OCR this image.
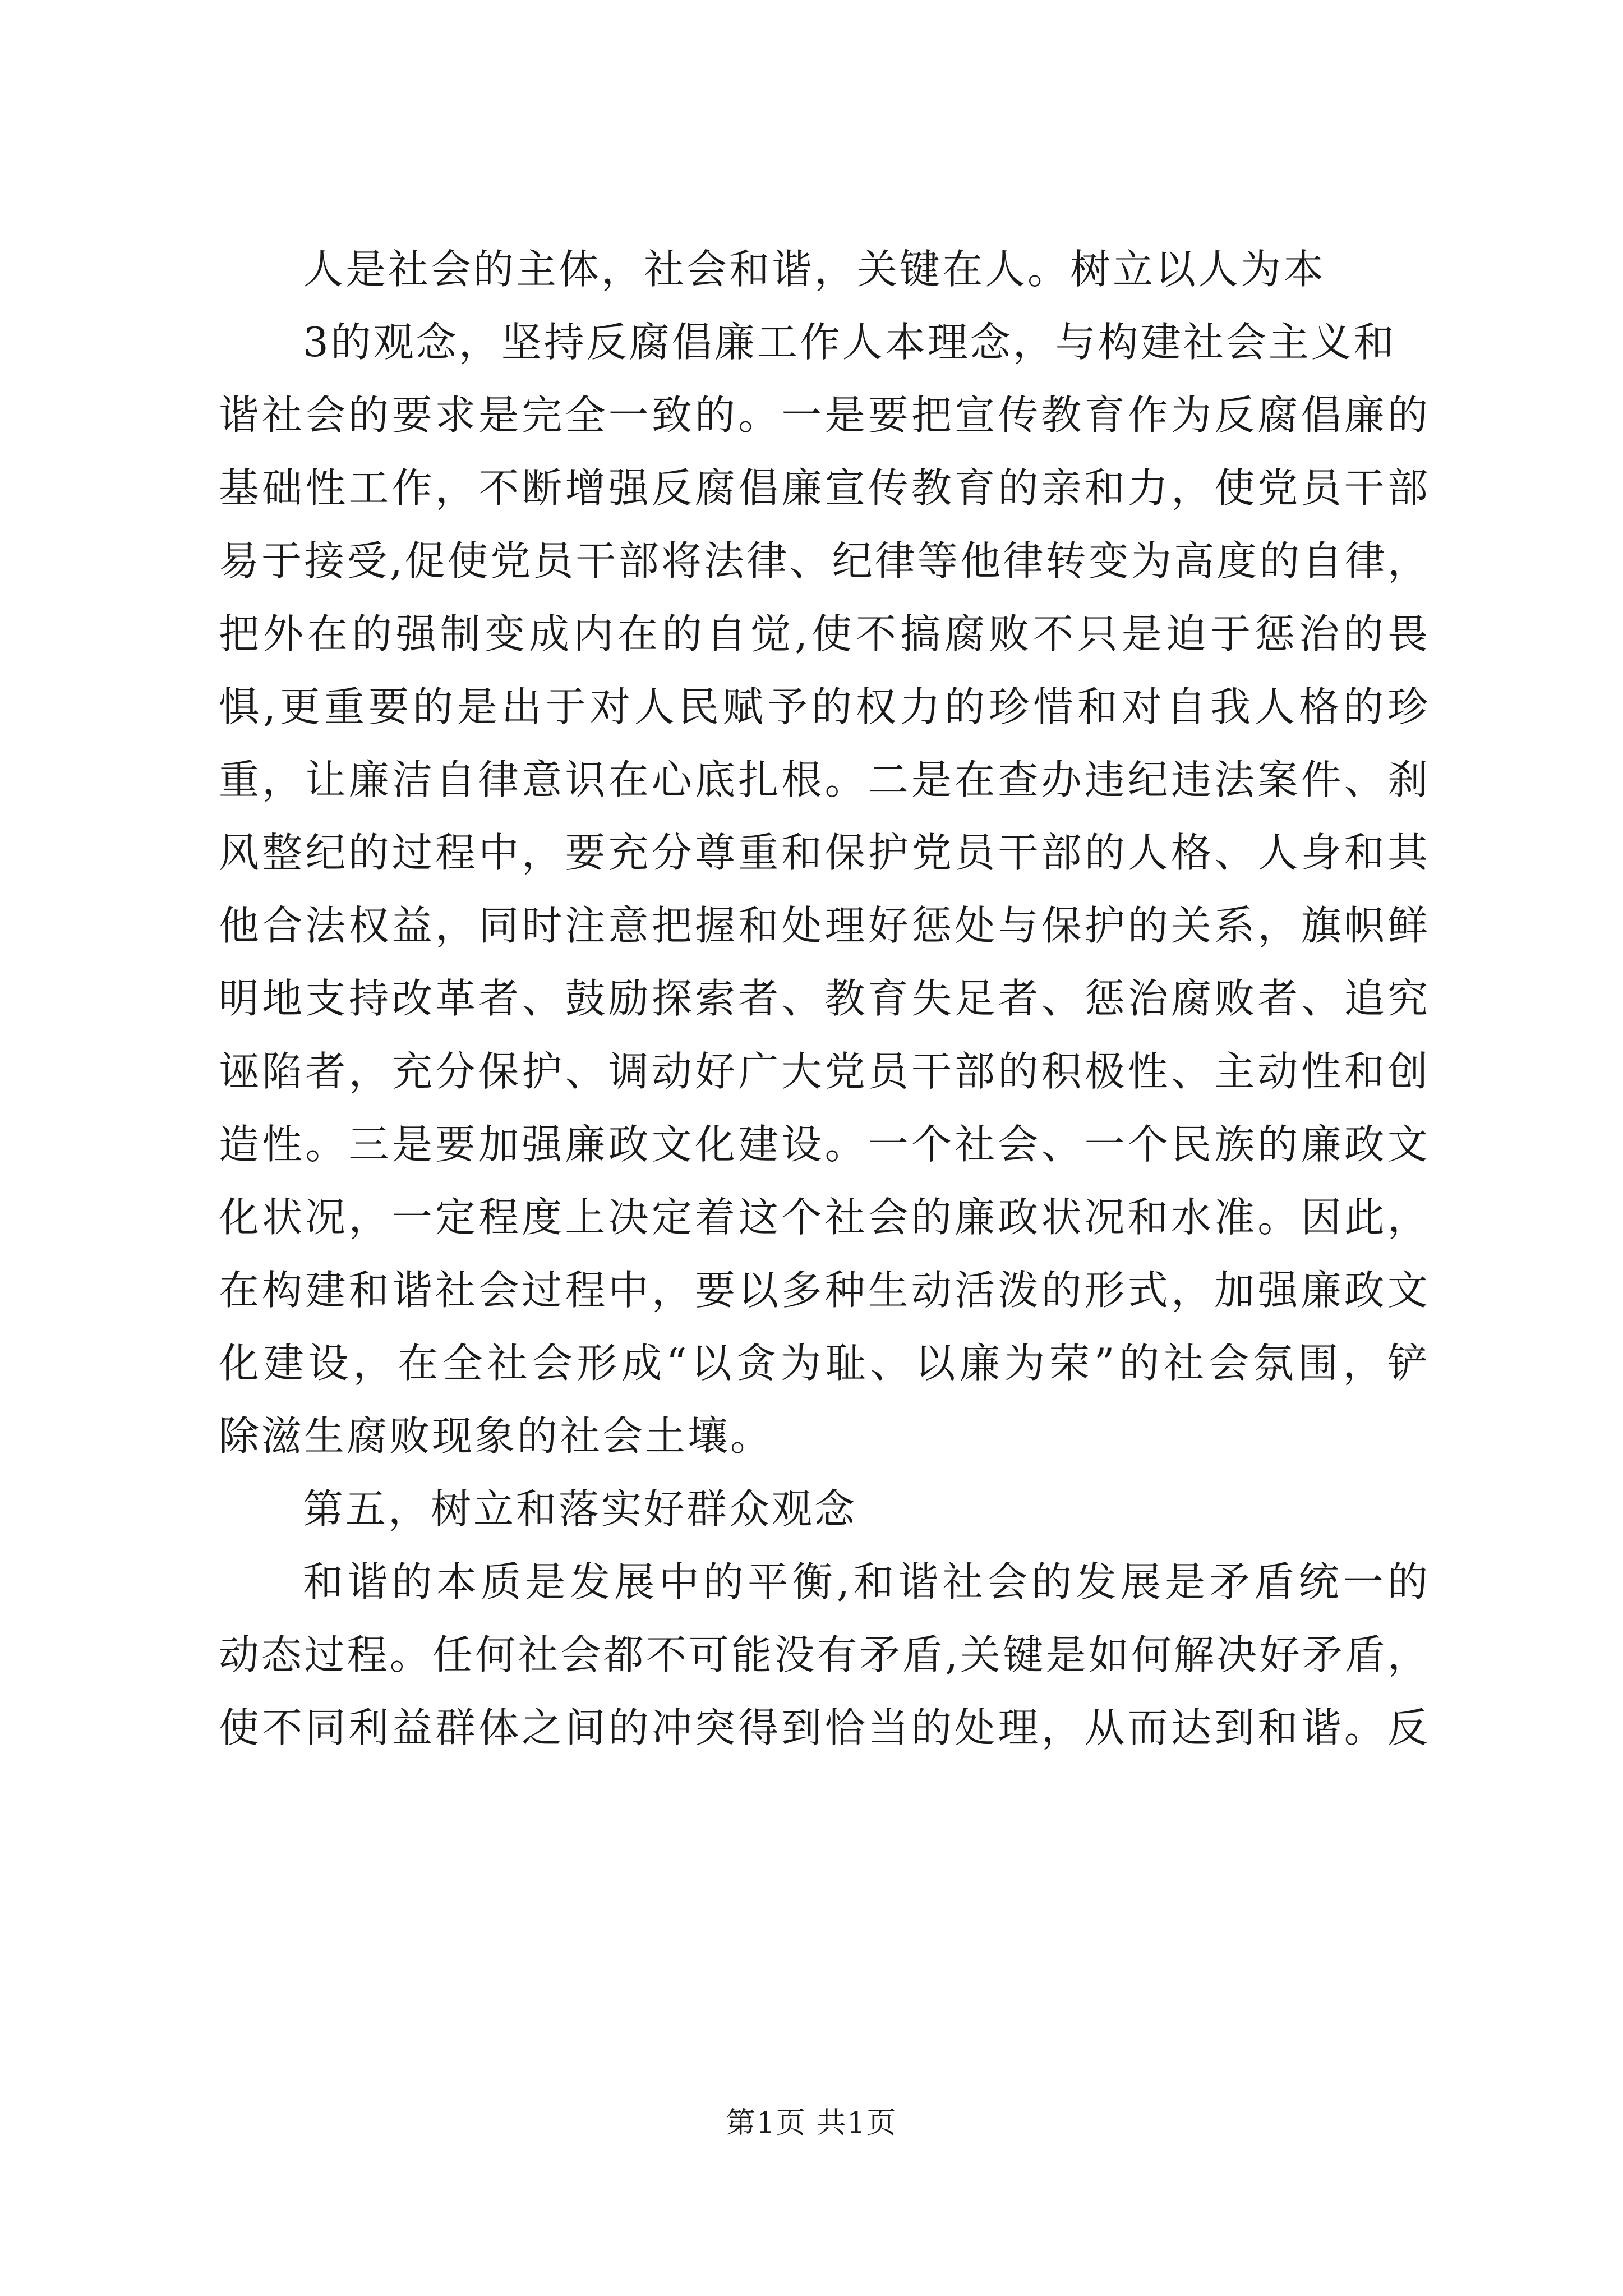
人是社会的主体，社会和谐，关键在人。树立以人为本
3的观念，坚持反腐倡廉工作人本理念，与构建社会主义和
谐社会的要求是完全一致的。一是要把宣传教育作为反腐倡廉的
基础性工作，不断增强反腐倡廉宣传教育的亲和力，使党员干部
易于接受,促使党员干部将法律、纪律等他律转变为高度的自律，
把外在的强制变成内在的自觉,使不搞腐败不只是迫于惩治的畏
惧,更重要的是出于对人民赋予的权力的珍惜和对自我人格的珍
重，让廉洁自律意识在心底扎根。二是在查办违纪违法案件、刹
风整纪的过程中，要充分尊重和保护党员干部的人格、人身和其
他合法权益，同时注意把握和处理好惩处与保护的关系，旗帜鲜
明地支持改革者、鼓励探索者、教育失足者、惩治腐败者、追究
诬陷者，充分保护、调动好广大党员干部的积极性、主动性和创
造性。三是要加强廉政文化建设。一个社会、一个民族的廉政文
化状况，一定程度上决定着这个社会的廉政状况和水准。因此，
在构建和谐社会过程中，要以多种生动活泼的形式，加强廉政文
化建设，在全社会形成“以贪为耻、以廉为荣”的社会氛围，铲
除滋生腐败现象的社会土壤。
第五，树立和落实好群众观念
和谐的本质是发展中的平衡,和谐社会的发展是矛盾统一的
动态过程。任何社会都不可能没有矛盾,关键是如何解决好矛盾，
使不同利益群体之间的冲突得到恰当的处理，从而达到和谐。反
第1页 共1页
